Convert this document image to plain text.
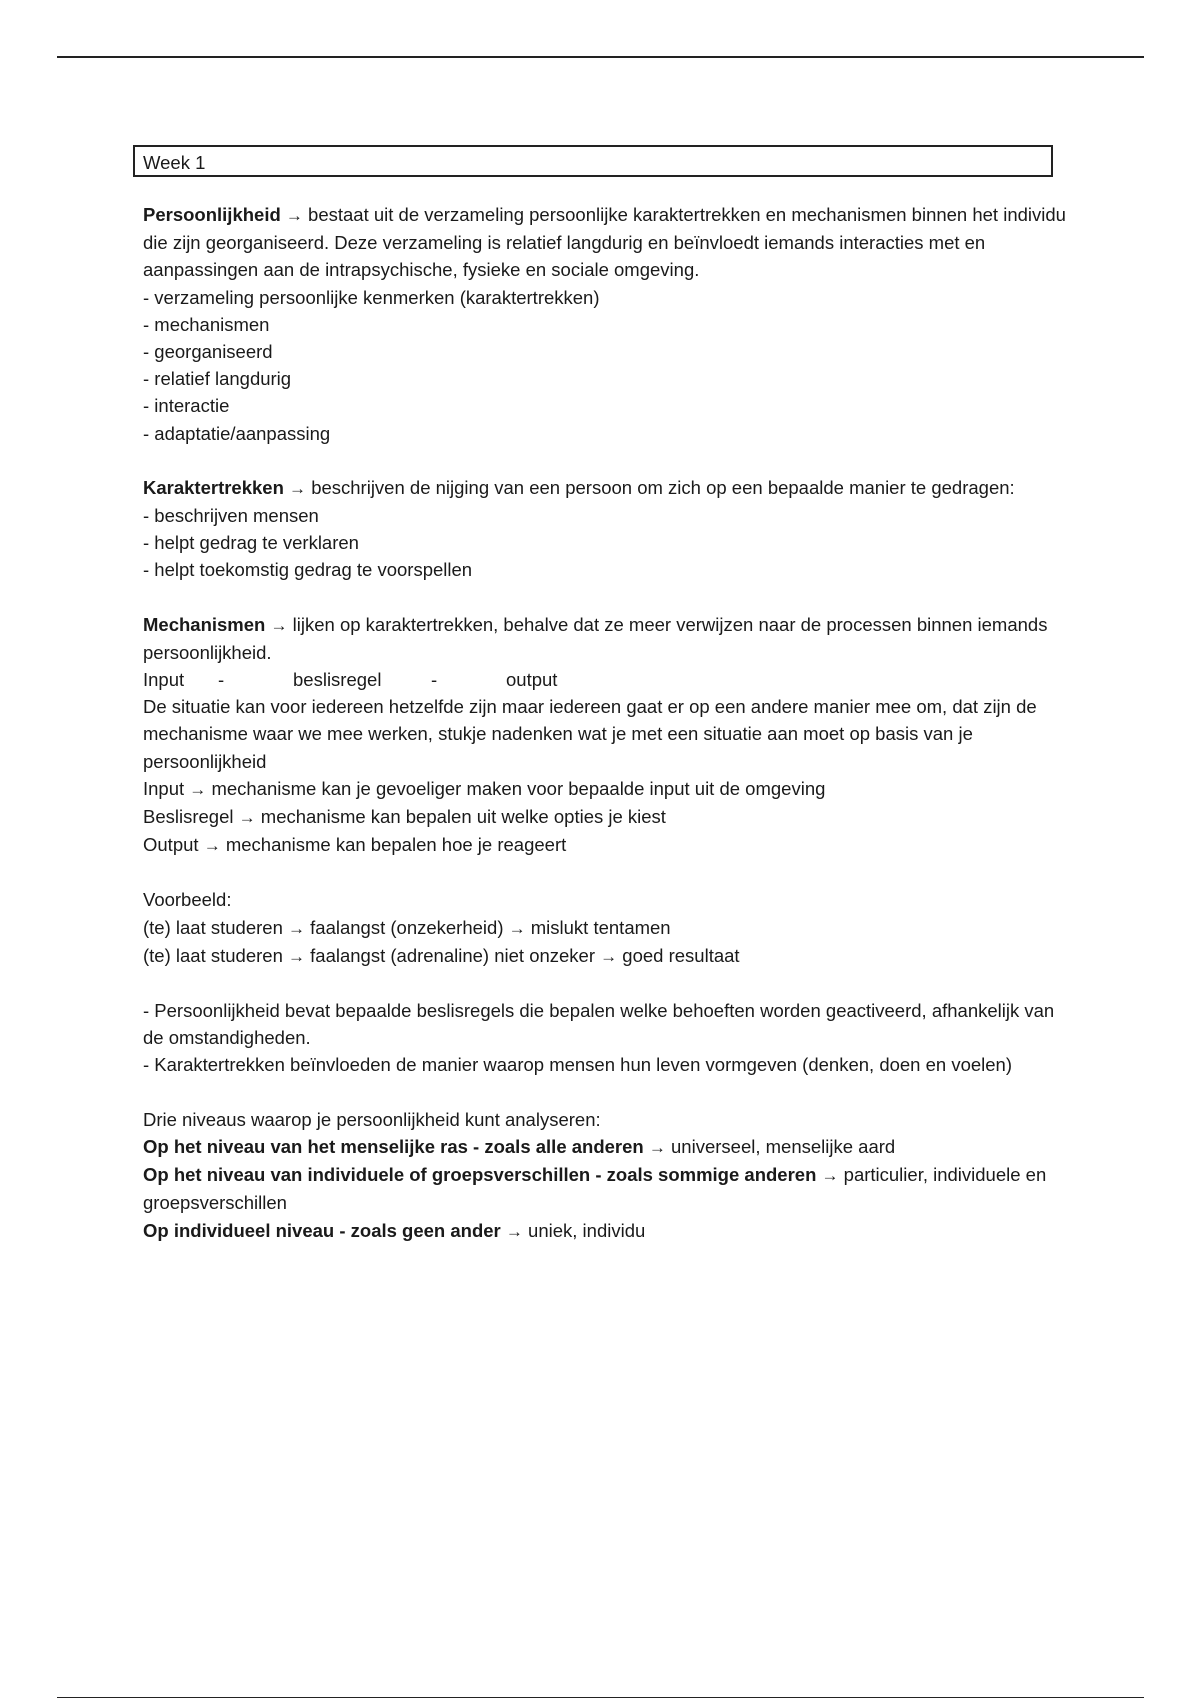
Week 1

Persoonlijkheid → bestaat uit de verzameling persoonlijke karaktertrekken en mechanismen binnen het individu die zijn georganiseerd. Deze verzameling is relatief langdurig en beïnvloedt iemands interacties met en aanpassingen aan de intrapsychische, fysieke en sociale omgeving.

- verzameling persoonlijke kenmerken (karaktertrekken)

- mechanismen

- georganiseerd

- relatief langdurig

- interactie

- adaptatie/aanpassing

Karaktertrekken → beschrijven de nijging van een persoon om zich op een bepaalde manier te gedragen:

- beschrijven mensen

- helpt gedrag te verklaren

- helpt toekomstig gedrag te voorspellen

Mechanismen → lijken op karaktertrekken, behalve dat ze meer verwijzen naar de processen binnen iemands persoonlijkheid.

Input -	beslisregel	-	output

De situatie kan voor iedereen hetzelfde zijn maar iedereen gaat er op een andere manier mee om, dat zijn de mechanisme waar we mee werken, stukje nadenken wat je met een situatie aan moet op basis van je persoonlijkheid

Input → mechanisme kan je gevoeliger maken voor bepaalde input uit de omgeving

Beslisregel → mechanisme kan bepalen uit welke opties je kiest

Output → mechanisme kan bepalen hoe je reageert

Voorbeeld:

(te) laat studeren → faalangst (onzekerheid) → mislukt tentamen

(te) laat studeren → faalangst (adrenaline) niet onzeker → goed resultaat

- Persoonlijkheid bevat bepaalde beslisregels die bepalen welke behoeften worden geactiveerd, afhankelijk van de omstandigheden.

- Karaktertrekken beïnvloeden de manier waarop mensen hun leven vormgeven (denken, doen en voelen)

Drie niveaus waarop je persoonlijkheid kunt analyseren:

Op het niveau van het menselijke ras - zoals alle anderen → universeel, menselijke aard

Op het niveau van individuele of groepsverschillen - zoals sommige anderen → particulier, individuele en groepsverschillen

Op individueel niveau - zoals geen ander → uniek, individu
